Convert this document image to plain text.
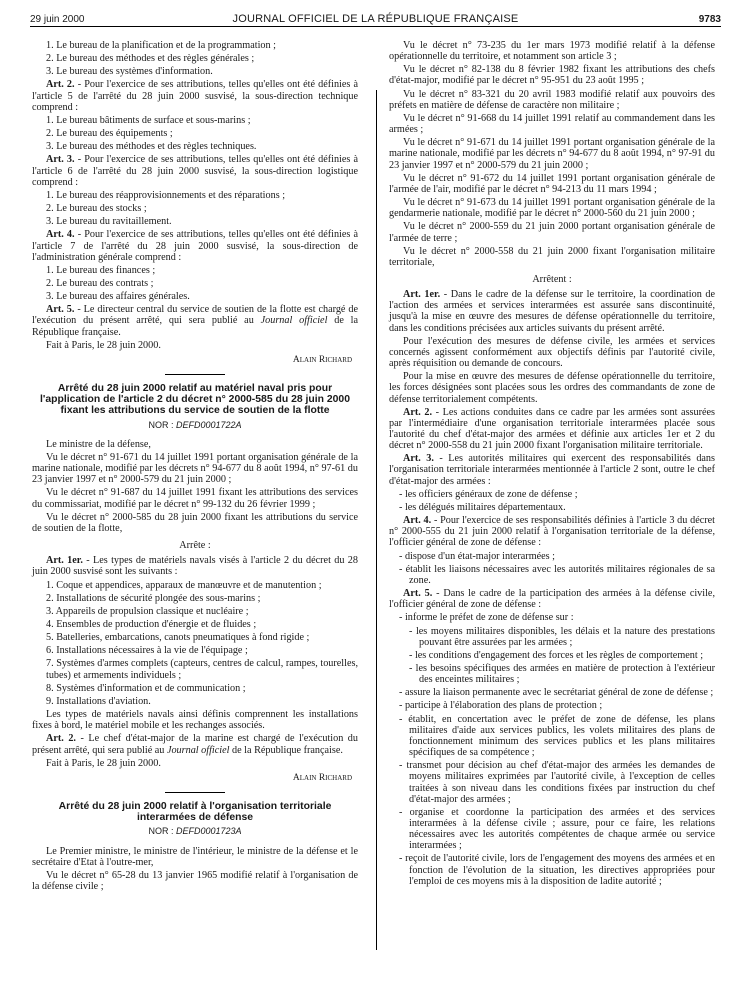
29 juin 2000	JOURNAL OFFICIEL DE LA RÉPUBLIQUE FRANÇAISE	9783

1. Le bureau de la planification et de la programmation ;

2. Le bureau des méthodes et des règles générales ;

3. Le bureau des systèmes d'information.

Art. 2. - Pour l'exercice de ses attributions, telles qu'elles ont été définies à l'article 5 de l'arrêté du 28 juin 2000 susvisé, la sous-direction technique comprend :

1. Le bureau bâtiments de surface et sous-marins ;

2. Le bureau des équipements ;

3. Le bureau des méthodes et des règles techniques.

Art. 3. - Pour l'exercice de ses attributions, telles qu'elles ont été définies à l'article 6 de l'arrêté du 28 juin 2000 susvisé, la sous-direction logistique comprend :

1. Le bureau des réapprovisionnements et des réparations ;

2. Le bureau des stocks ;

3. Le bureau du ravitaillement.

Art. 4. - Pour l'exercice de ses attributions, telles qu'elles ont été définies à l'article 7 de l'arrêté du 28 juin 2000 susvisé, la sous-direction de l'administration générale comprend :

1. Le bureau des finances ;

2. Le bureau des contrats ;

3. Le bureau des affaires générales.

Art. 5. - Le directeur central du service de soutien de la flotte est chargé de l'exécution du présent arrêté, qui sera publié au Journal officiel de la République française.

Fait à Paris, le 28 juin 2000.

Alain Richard
Arrêté du 28 juin 2000 relatif au matériel naval pris pour l'application de l'article 2 du décret n° 2000-585 du 28 juin 2000 fixant les attributions du service de soutien de la flotte
NOR : DEFD0001722A

Le ministre de la défense,

Vu le décret n° 91-671 du 14 juillet 1991 portant organisation générale de la marine nationale, modifié par les décrets n° 94-677 du 8 août 1994, n° 97-61 du 23 janvier 1997 et n° 2000-579 du 21 juin 2000 ;

Vu le décret n° 91-687 du 14 juillet 1991 fixant les attributions des services du commissariat, modifié par le décret n° 99-132 du 26 février 1999 ;

Vu le décret n° 2000-585 du 28 juin 2000 fixant les attributions du service de soutien de la flotte,

Arrête :

Art. 1er. - Les types de matériels navals visés à l'article 2 du décret du 28 juin 2000 susvisé sont les suivants :

1. Coque et appendices, apparaux de manœuvre et de manutention ;

2. Installations de sécurité plongée des sous-marins ;

3. Appareils de propulsion classique et nucléaire ;

4. Ensembles de production d'énergie et de fluides ;

5. Batelleries, embarcations, canots pneumatiques à fond rigide ;

6. Installations nécessaires à la vie de l'équipage ;

7. Systèmes d'armes complets (capteurs, centres de calcul, rampes, tourelles, tubes) et armements individuels ;

8. Systèmes d'information et de communication ;

9. Installations d'aviation.

Les types de matériels navals ainsi définis comprennent les installations fixes à bord, le matériel mobile et les rechanges associés.

Art. 2. - Le chef d'état-major de la marine est chargé de l'exécution du présent arrêté, qui sera publié au Journal officiel de la République française.

Fait à Paris, le 28 juin 2000.

Alain Richard
Arrêté du 28 juin 2000 relatif à l'organisation territoriale interarmées de défense
NOR : DEFD0001723A

Le Premier ministre, le ministre de l'intérieur, le ministre de la défense et le secrétaire d'Etat à l'outre-mer,

Vu le décret n° 65-28 du 13 janvier 1965 modifié relatif à l'organisation de la défense civile ;

Vu le décret n° 73-235 du 1er mars 1973 modifié relatif à la défense opérationnelle du territoire, et notamment son article 3 ;

Vu le décret n° 82-138 du 8 février 1982 fixant les attributions des chefs d'état-major, modifié par le décret n° 95-951 du 23 août 1995 ;

Vu le décret n° 83-321 du 20 avril 1983 modifié relatif aux pouvoirs des préfets en matière de défense de caractère non militaire ;

Vu le décret n° 91-668 du 14 juillet 1991 relatif au commandement dans les armées ;

Vu le décret n° 91-671 du 14 juillet 1991 portant organisation générale de la marine nationale, modifié par les décrets n° 94-677 du 8 août 1994, n° 97-91 du 23 janvier 1997 et n° 2000-579 du 21 juin 2000 ;

Vu le décret n° 91-672 du 14 juillet 1991 portant organisation générale de l'armée de l'air, modifié par le décret n° 94-213 du 11 mars 1994 ;

Vu le décret n° 91-673 du 14 juillet 1991 portant organisation générale de la gendarmerie nationale, modifié par le décret n° 2000-560 du 21 juin 2000 ;

Vu le décret n° 2000-559 du 21 juin 2000 portant organisation générale de l'armée de terre ;

Vu le décret n° 2000-558 du 21 juin 2000 fixant l'organisation militaire territoriale,

Arrêtent :

Art. 1er. - Dans le cadre de la défense sur le territoire, la coordination de l'action des armées et services interarmées est assurée sans discontinuité, jusqu'à la mise en œuvre des mesures de défense opérationnelle du territoire, dans les conditions précisées aux articles suivants du présent arrêté.

Pour l'exécution des mesures de défense civile, les armées et services concernés agissent conformément aux objectifs définis par l'autorité civile, après réquisition ou demande de concours.

Pour la mise en œuvre des mesures de défense opérationnelle du territoire, les forces désignées sont placées sous les ordres des commandants de zone de défense territorialement compétents.

Art. 2. - Les actions conduites dans ce cadre par les armées sont assurées par l'intermédiaire d'une organisation territoriale interarmées placée sous l'autorité du chef d'état-major des armées et définie aux articles 1er et 2 du décret n° 2000-558 du 21 juin 2000 fixant l'organisation militaire territoriale.

Art. 3. - Les autorités militaires qui exercent des responsabilités dans l'organisation territoriale interarmées mentionnée à l'article 2 sont, outre le chef d'état-major des armées :

- les officiers généraux de zone de défense ;

- les délégués militaires départementaux.

Art. 4. - Pour l'exercice de ses responsabilités définies à l'article 3 du décret n° 2000-555 du 21 juin 2000 relatif à l'organisation territoriale de la défense, l'officier général de zone de défense :

- dispose d'un état-major interarmées ;

- établit les liaisons nécessaires avec les autorités militaires régionales de sa zone.

Art. 5. - Dans le cadre de la participation des armées à la défense civile, l'officier général de zone de défense :

- informe le préfet de zone de défense sur :

- les moyens militaires disponibles, les délais et la nature des prestations pouvant être assurées par les armées ;

- les conditions d'engagement des forces et les règles de comportement ;

- les besoins spécifiques des armées en matière de protection à l'extérieur des enceintes militaires ;

- assure la liaison permanente avec le secrétariat général de zone de défense ;

- participe à l'élaboration des plans de protection ;

- établit, en concertation avec le préfet de zone de défense, les plans militaires d'aide aux services publics, les volets militaires des plans de fonctionnement minimum des services publics et les plans militaires spécifiques de sa compétence ;

- transmet pour décision au chef d'état-major des armées les demandes de moyens militaires exprimées par l'autorité civile, à l'exception de celles traitées à son niveau dans les conditions fixées par instruction du chef d'état-major des armées ;

- organise et coordonne la participation des armées et des services interarmées à la défense civile ; assure, pour ce faire, les relations nécessaires avec les autorités compétentes de chaque armée ou service interarmées ;

- reçoit de l'autorité civile, lors de l'engagement des moyens des armées et en fonction de l'évolution de la situation, les directives appropriées pour l'emploi de ces moyens mis à la disposition de ladite autorité ;
